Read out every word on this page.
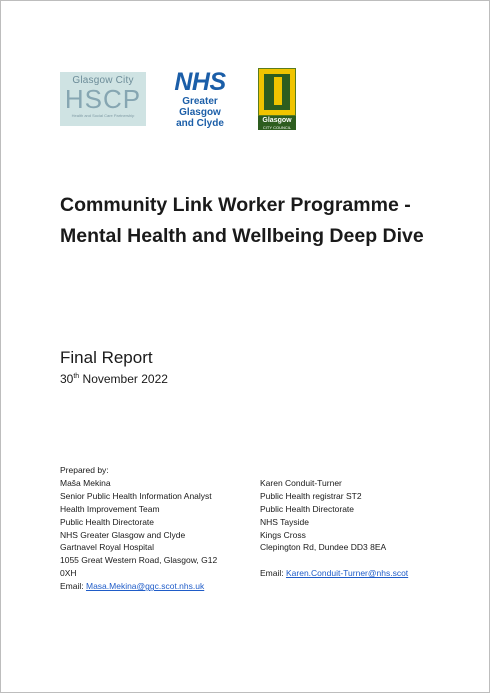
Glasgow City
HSCP
Health and Social Care Partnership
NHS
Greater Glasgow
and Clyde	Glasgow
CITY COUNCIL
Community Link Worker Programme - Mental Health and Wellbeing Deep Dive
Final Report
30th November 2022
Prepared by:
Maša Mekina
Senior Public Health Information Analyst
Health Improvement Team
Public Health Directorate
NHS Greater Glasgow and Clyde
Gartnavel Royal Hospital
1055 Great Western Road, Glasgow, G12
0XH
Email: Masa.Mekina@ggc.scot.nhs.uk
Karen Conduit-Turner
Public Health registrar ST2
Public Health Directorate
NHS Tayside
Kings Cross
Clepington Rd, Dundee DD3 8EA
Email: Karen.Conduit-Turner@nhs.scot
